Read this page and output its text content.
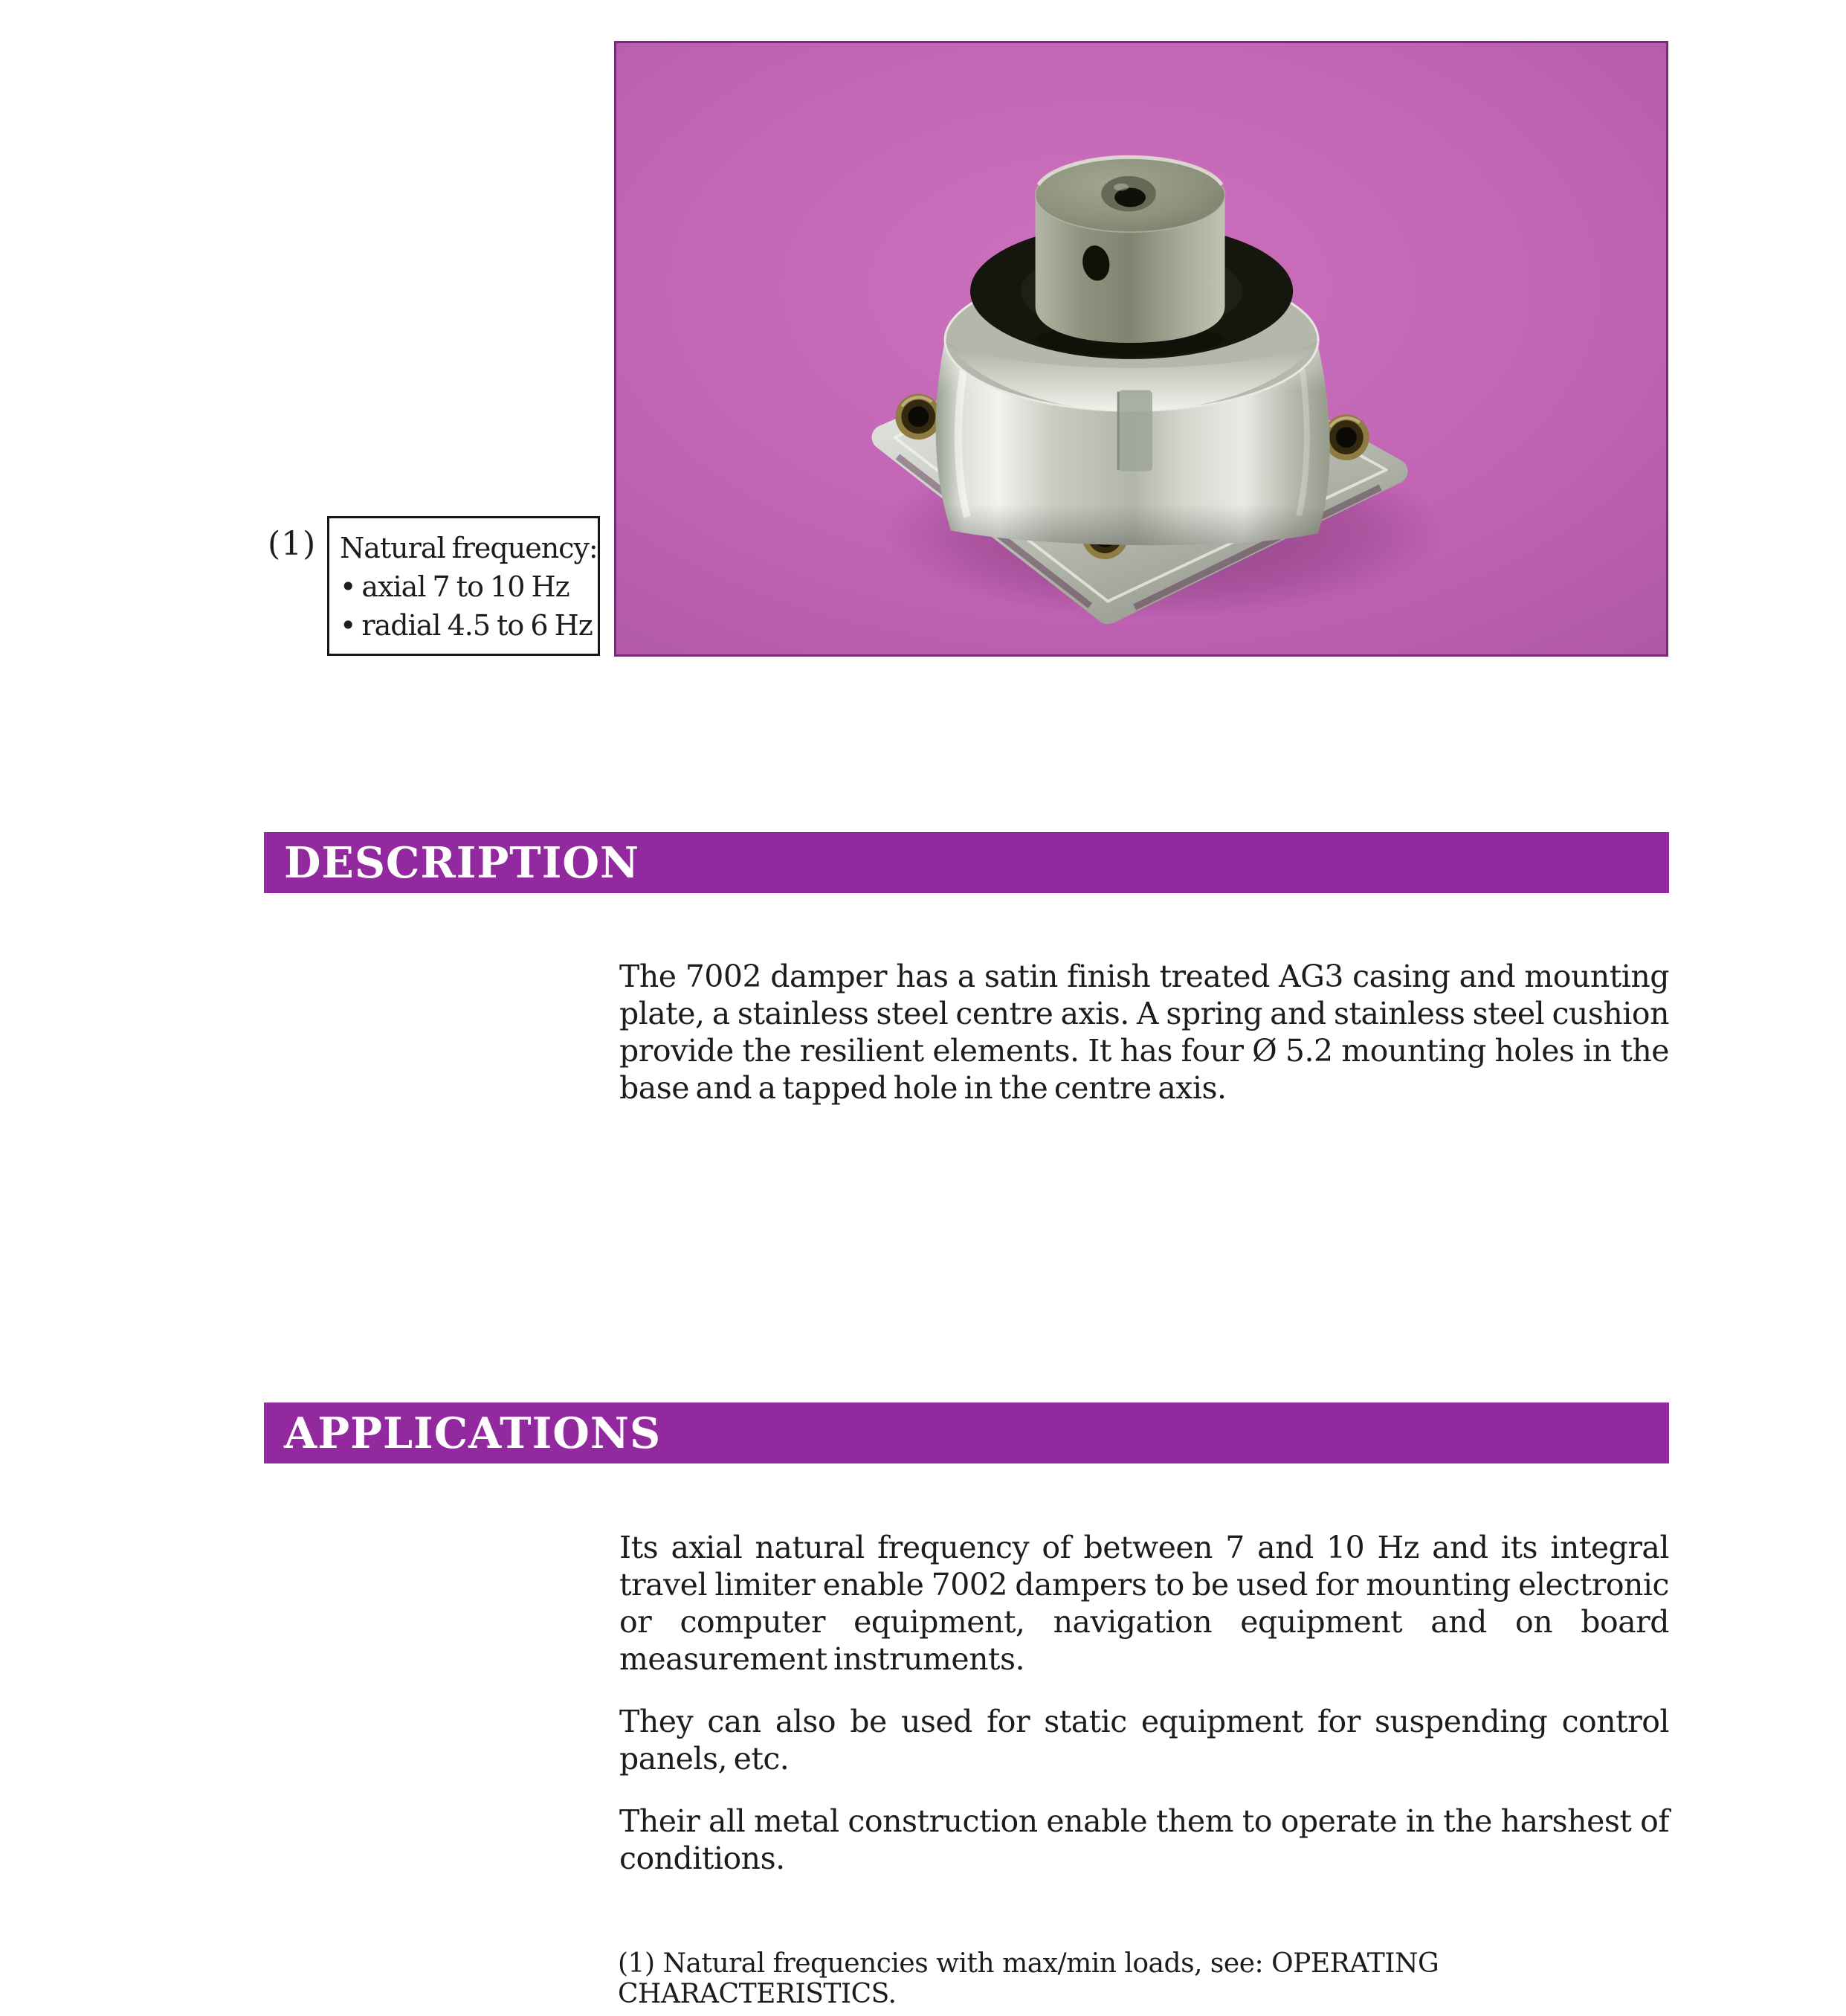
(1) Natural frequency:
• axial 7 to 10 Hz
• radial 4.5 to 6 Hz
DESCRIPTION

The 7002 damper has a satin finish treated AG3 casing and mounting plate, a stainless steel centre axis. A spring and stainless steel cushion provide the resilient elements. It has four Ø 5.2 mounting holes in the base and a tapped hole in the centre axis.

APPLICATIONS

Its axial natural frequency of between 7 and 10 Hz and its integral travel limiter enable 7002 dampers to be used for mounting electronic or computer equipment, navigation equipment and on board measurement instruments.

They can also be used for static equipment for suspending control panels, etc.

Their all metal construction enable them to operate in the harshest of conditions.

(1) Natural frequencies with max/min loads, see: OPERATING CHARACTERISTICS.
